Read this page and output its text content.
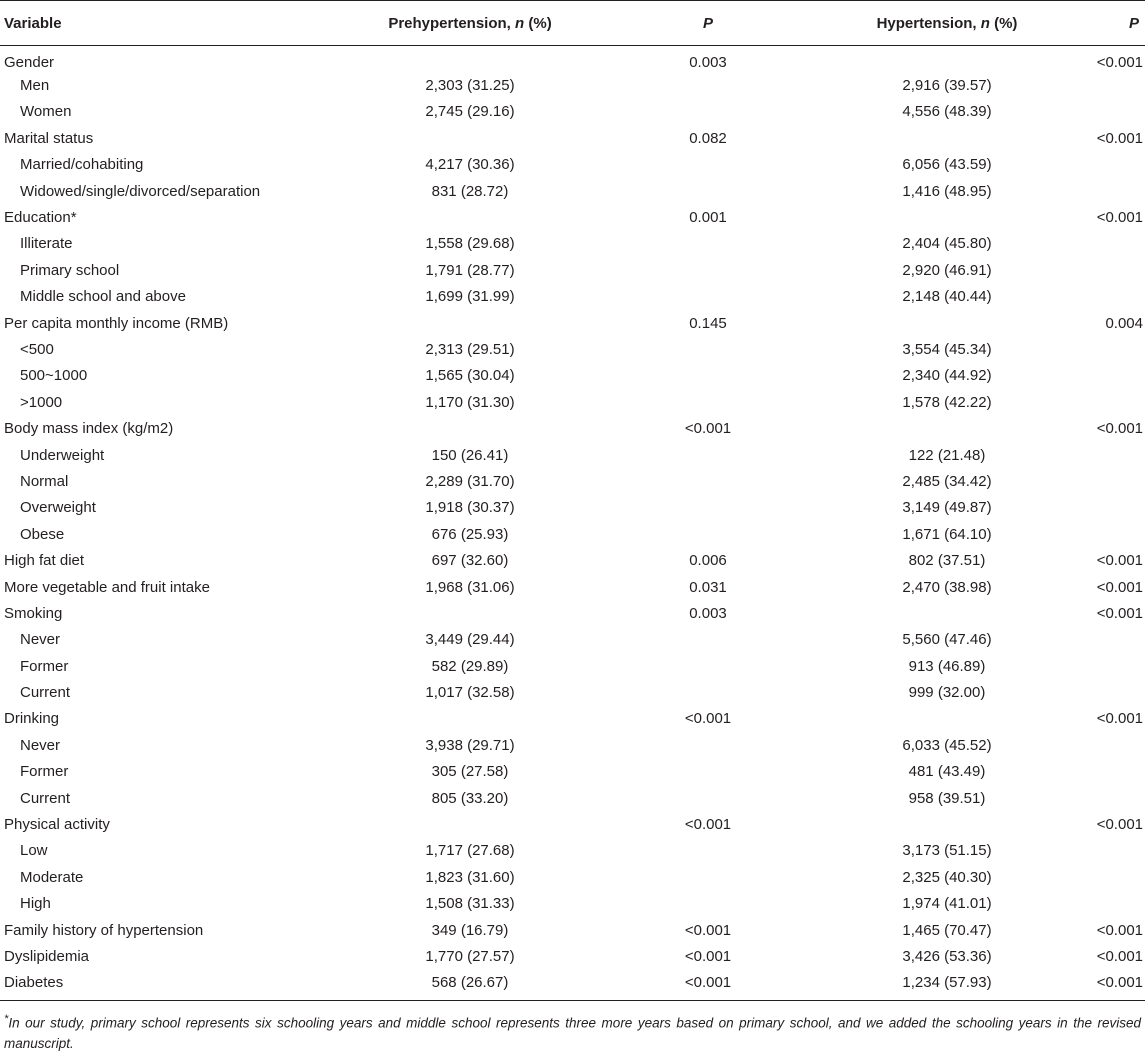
Variable	Prehypertension, n (%)	P	Hypertension, n (%)	P
Gender		0.003		<0.001
Men	2,303 (31.25)		2,916 (39.57)	
Women	2,745 (29.16)		4,556 (48.39)	
Marital status		0.082		<0.001
Married/cohabiting	4,217 (30.36)		6,056 (43.59)	
Widowed/single/divorced/separation	831 (28.72)		1,416 (48.95)	
Education*		0.001		<0.001
Illiterate	1,558 (29.68)		2,404 (45.80)	
Primary school	1,791 (28.77)		2,920 (46.91)	
Middle school and above	1,699 (31.99)		2,148 (40.44)	
Per capita monthly income (RMB)		0.145		0.004
<500	2,313 (29.51)		3,554 (45.34)	
500~1000	1,565 (30.04)		2,340 (44.92)	
>1000	1,170 (31.30)		1,578 (42.22)	
Body mass index (kg/m2)		<0.001		<0.001
Underweight	150 (26.41)		122 (21.48)	
Normal	2,289 (31.70)		2,485 (34.42)	
Overweight	1,918 (30.37)		3,149 (49.87)	
Obese	676 (25.93)		1,671 (64.10)	
High fat diet	697 (32.60)	0.006	802 (37.51)	<0.001
More vegetable and fruit intake	1,968 (31.06)	0.031	2,470 (38.98)	<0.001
Smoking		0.003		<0.001
Never	3,449 (29.44)		5,560 (47.46)	
Former	582 (29.89)		913 (46.89)	
Current	1,017 (32.58)		999 (32.00)	
Drinking		<0.001		<0.001
Never	3,938 (29.71)		6,033 (45.52)	
Former	305 (27.58)		481 (43.49)	
Current	805 (33.20)		958 (39.51)	
Physical activity		<0.001		<0.001
Low	1,717 (27.68)		3,173 (51.15)	
Moderate	1,823 (31.60)		2,325 (40.30)	
High	1,508 (31.33)		1,974 (41.01)	
Family history of hypertension	349 (16.79)	<0.001	1,465 (70.47)	<0.001
Dyslipidemia	1,770 (27.57)	<0.001	3,426 (53.36)	<0.001
Diabetes	568 (26.67)	<0.001	1,234 (57.93)	<0.001
*In our study, primary school represents six schooling years and middle school represents three more years based on primary school, and we added the schooling years in the revised manuscript.
